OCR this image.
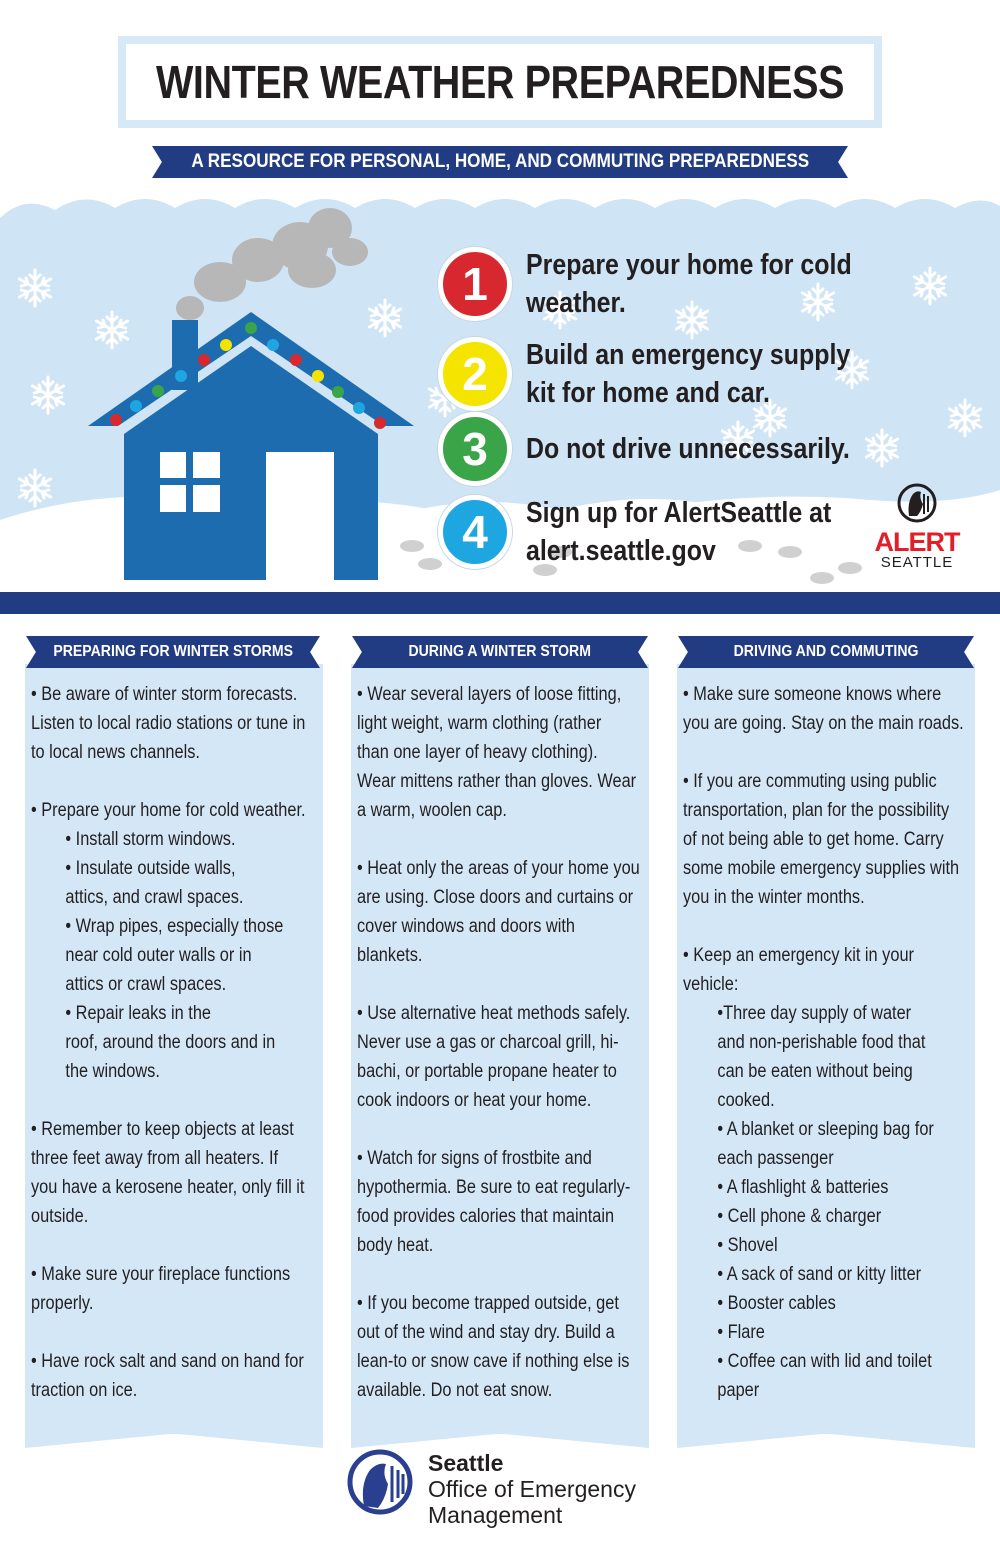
WINTER WEATHER PREPAREDNESS
A RESOURCE FOR PERSONAL, HOME, AND COMMUTING PREPAREDNESS
1	Prepare your home for cold weather.
2	Build an emergency supply kit for home and car.
3	Do not drive unnecessarily.
4	Sign up for AlertSeattle at alert.seattle.gov	ALERT
SEATTLE

• Be aware of winter storm forecasts.

Listen to local radio stations or tune in

to local news channels.

• Prepare your home for cold weather.

• Install storm windows.

• Insulate outside walls,

attics, and crawl spaces.

• Wrap pipes, especially those

near cold outer walls or in

attics or crawl spaces.

• Repair leaks in the

roof, around the doors and in

the windows.

• Remember to keep objects at least

three feet away from all heaters. If

you have a kerosene heater, only fill it

outside.

• Make sure your fireplace functions

properly.

• Have rock salt and sand on hand for

traction on ice.

PREPARING FOR WINTER STORMS

• Wear several layers of loose fitting,

light weight, warm clothing (rather

than one layer of heavy clothing).

Wear mittens rather than gloves. Wear

a warm, woolen cap.

• Heat only the areas of your home you

are using. Close doors and curtains or

cover windows and doors with

blankets.

• Use alternative heat methods safely.

Never use a gas or charcoal grill, hi-

bachi, or portable propane heater to

cook indoors or heat your home.

• Watch for signs of frostbite and

hypothermia. Be sure to eat regularly-

food provides calories that maintain

body heat.

• If you become trapped outside, get

out of the wind and stay dry. Build a

lean-to or snow cave if nothing else is

available. Do not eat snow.

DURING A WINTER STORM

• Make sure someone knows where

you are going. Stay on the main roads.

• If you are commuting using public

transportation, plan for the possibility

of not being able to get home. Carry

some mobile emergency supplies with

you in the winter months.

• Keep an emergency kit in your

vehicle:

•Three day supply of water

and non-perishable food that

can be eaten without being

cooked.

• A blanket or sleeping bag for

each passenger

• A flashlight & batteries

• Cell phone & charger

• Shovel

• A sack of sand or kitty litter

• Booster cables

• Flare

• Coffee can with lid and toilet

paper

DRIVING AND COMMUTING
Seattle
Office of Emergency
Management
